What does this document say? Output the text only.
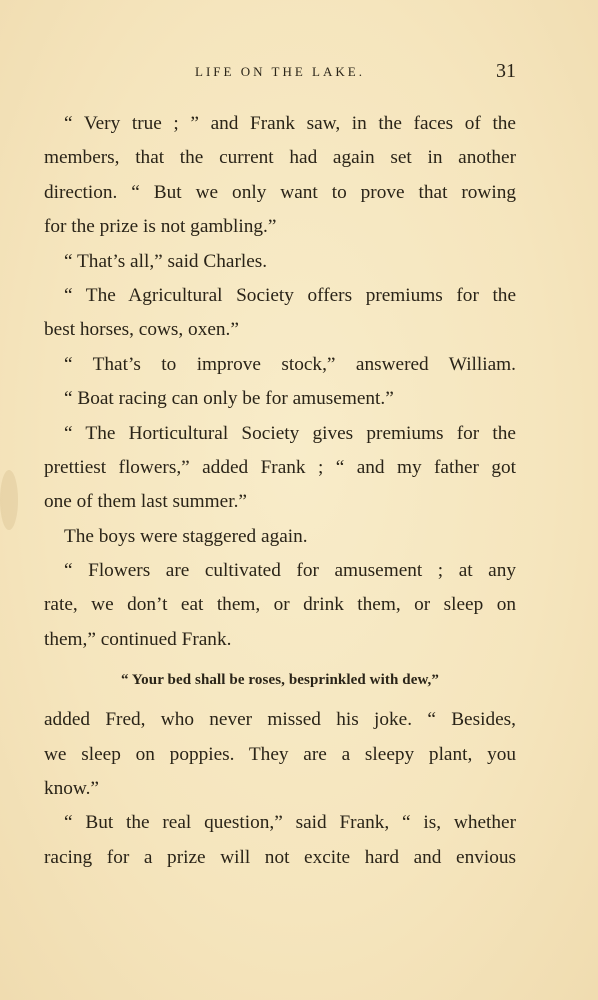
LIFE ON THE LAKE.	31
“ Very true ; ” and Frank saw, in the faces of the
members, that the current had again set in another
direction. “ But we only want to prove that rowing
for the prize is not gambling.”
“ That’s all,” said Charles.
“ The Agricultural Society offers premiums for the
best horses, cows, oxen.”
“ That’s to improve stock,” answered William.
“ Boat racing can only be for amusement.”
“ The Horticultural Society gives premiums for the
prettiest flowers,” added Frank ; “ and my father got
one of them last summer.”
The boys were staggered again.
“ Flowers are cultivated for amusement ; at any
rate, we don’t eat them, or drink them, or sleep on
them,” continued Frank.
“ Your bed shall be roses, besprinkled with dew,”
added Fred, who never missed his joke. “ Besides,
we sleep on poppies. They are a sleepy plant, you
know.”
“ But the real question,” said Frank, “ is, whether
racing for a prize will not excite hard and envious
